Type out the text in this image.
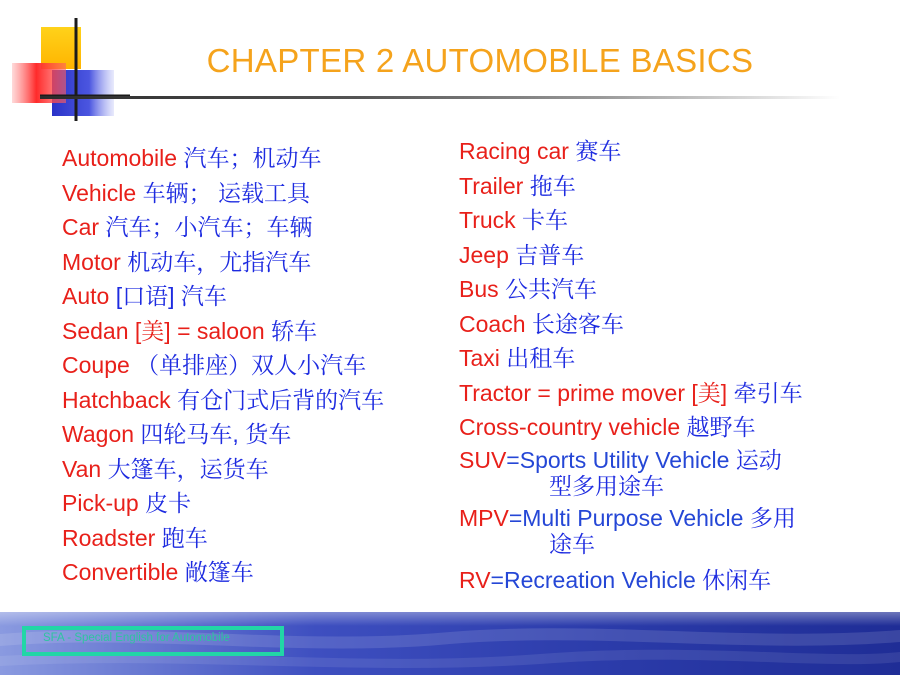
CHAPTER 2 AUTOMOBILE BASICS
Automobile 汽车；机动车
Vehicle 车辆； 运载工具
Car 汽车；小汽车；车辆
Motor 机动车，尤指汽车
Auto [口语] 汽车
Sedan [美] = saloon 轿车
Coupe （单排座）双人小汽车
Hatchback 有仓门式后背的汽车
Wagon 四轮马车, 货车
Van 大篷车，运货车
Pick-up 皮卡
Roadster 跑车
Convertible 敞篷车
Racing car 赛车
Trailer 拖车
Truck 卡车
Jeep 吉普车
Bus 公共汽车
Coach 长途客车
Taxi 出租车
Tractor = prime mover [美] 牵引车
Cross-country vehicle 越野车
SUV=Sports Utility Vehicle 运动
型多用途车
MPV=Multi Purpose Vehicle 多用
途车
RV=Recreation Vehicle 休闲车
SFA - Special English for Automobile
